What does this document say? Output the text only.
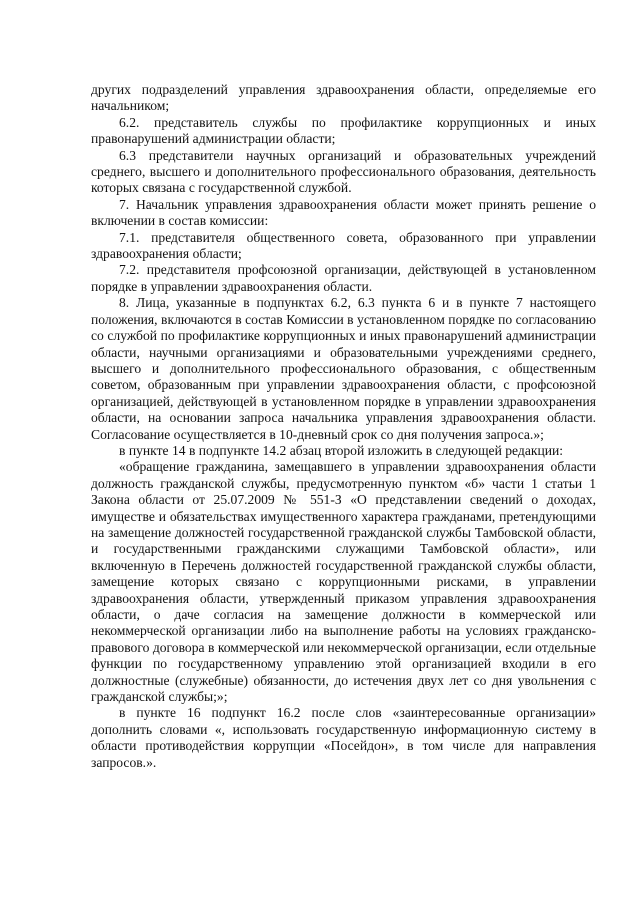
других подразделений управления здравоохранения области, определяемые его начальником;

6.2. представитель службы по профилактике коррупционных и иных правонарушений администрации области;

6.3 представители научных организаций и образовательных учреждений среднего, высшего и дополнительного профессионального образования, деятельность которых связана с государственной службой.

7. Начальник управления здравоохранения области может принять решение о включении в состав комиссии:

7.1. представителя общественного совета, образованного при управлении здравоохранения области;

7.2. представителя профсоюзной организации, действующей в установленном порядке в управлении здравоохранения области.

8. Лица, указанные в подпунктах 6.2, 6.3 пункта 6 и в пункте 7 настоящего положения, включаются в состав Комиссии в установленном порядке по согласованию со службой по профилактике коррупционных и иных правонарушений администрации области, научными организациями и образовательными учреждениями среднего, высшего и дополнительного профессионального образования, с общественным советом, образованным при управлении здравоохранения области, с профсоюзной организацией, действующей в установленном порядке в управлении здравоохранения области, на основании запроса начальника управления здравоохранения области. Согласование осуществляется в 10-дневный срок со дня получения запроса.»;

в пункте 14 в подпункте 14.2 абзац второй изложить в следующей редакции:

«обращение гражданина, замещавшего в управлении здравоохранения области должность гражданской службы, предусмотренную пунктом «б» части 1 статьи 1 Закона области от 25.07.2009 № 551-З «О представлении сведений о доходах, имуществе и обязательствах имущественного характера гражданами, претендующими на замещение должностей государственной гражданской службы Тамбовской области, и государственными гражданскими служащими Тамбовской области», или включенную в Перечень должностей государственной гражданской службы области, замещение которых связано с коррупционными рисками, в управлении здравоохранения области, утвержденный приказом управления здравоохранения области, о даче согласия на замещение должности в коммерческой или некоммерческой организации либо на выполнение работы на условиях гражданско-правового договора в коммерческой или некоммерческой организации, если отдельные функции по государственному управлению этой организацией входили в его должностные (служебные) обязанности, до истечения двух лет со дня увольнения с гражданской службы;»;

в пункте 16 подпункт 16.2 после слов «заинтересованные организации» дополнить словами «, использовать государственную информационную систему в области противодействия коррупции «Посейдон», в том числе для направления запросов.».
